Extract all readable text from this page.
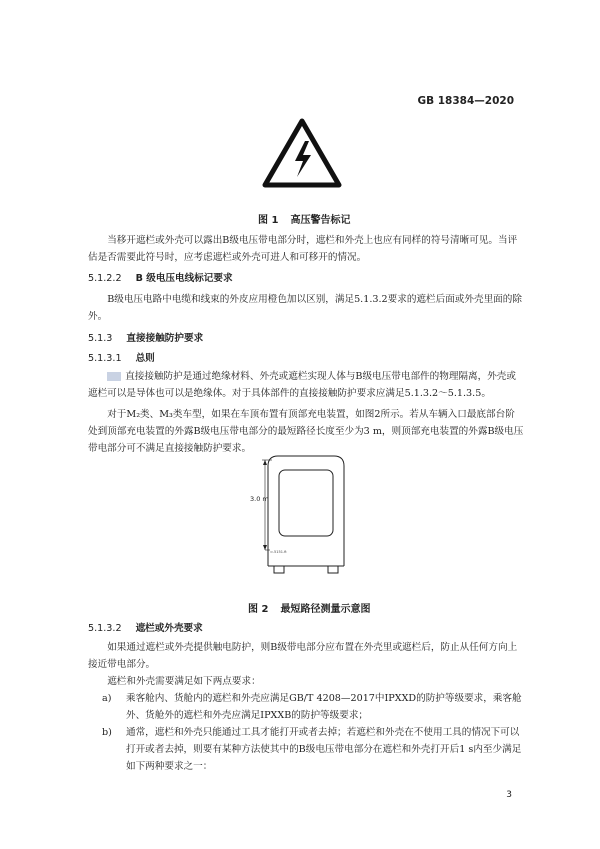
GB 18384—2020
图 1 高压警告标记

当移开遮栏或外壳可以露出B级电压带电部分时，遮栏和外壳上也应有同样的符号清晰可见。当评估是否需要此符号时，应考虑遮栏或外壳可进人和可移开的情况。

5.1.2.2 B 级电压电线标记要求

B级电压电路中电缆和线束的外皮应用橙色加以区别，满足5.1.3.2要求的遮栏后面或外壳里面的除外。

5.1.3 直接接触防护要求
5.1.3.1 总则

直接接触防护是通过绝缘材料、外壳或遮栏实现人体与B级电压带电部件的物理隔离，外壳或遮栏可以是导体也可以是绝缘体。对于具体部件的直接接触防护要求应满足5.1.3.2～5.1.3.5。

对于M₂类、M₃类车型，如果在车顶布置有顶部充电装置，如图2所示。若从车辆入口最底部台阶处到顶部充电装置的外露B级电压带电部分的最短路径长度至少为3 m，则顶部充电装置的外露B级电压带电部分可不满足直接接触防护要求。

3.0 m
≈.5151.ft
图 2 最短路径测量示意图
5.1.3.2 遮栏或外壳要求

如果通过遮栏或外壳提供触电防护，则B级带电部分应布置在外壳里或遮栏后，防止从任何方向上接近带电部分。

遮栏和外壳需要满足如下两点要求：

a)	乘客舱内、货舱内的遮栏和外壳应满足GB/T 4208—2017中IPXXD的防护等级要求，乘客舱外、货舱外的遮栏和外壳应满足IPXXB的防护等级要求；
b)	通常，遮栏和外壳只能通过工具才能打开或者去掉；若遮栏和外壳在不使用工具的情况下可以打开或者去掉，则要有某种方法使其中的B级电压带电部分在遮栏和外壳打开后1 s内至少满足如下两种要求之一：
3
